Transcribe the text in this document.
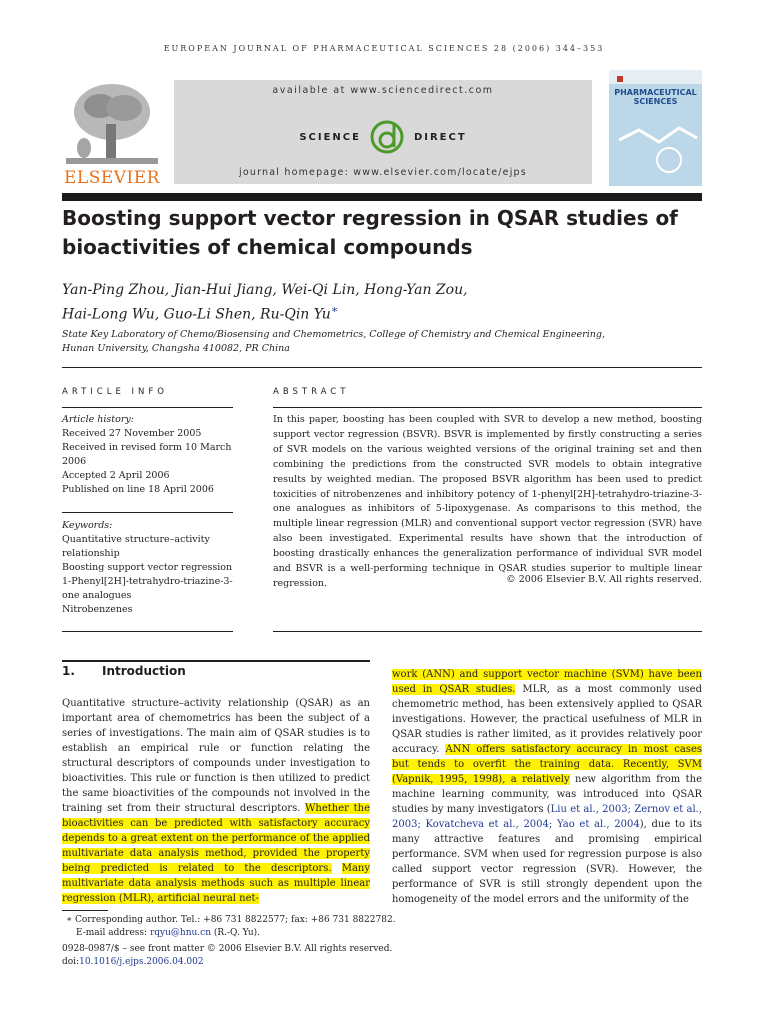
EUROPEAN JOURNAL OF PHARMACEUTICAL SCIENCES 28 (2006) 344–353
ELSEVIER
available at www.sciencedirect.com
SCIENCE	DIRECT
journal homepage: www.elsevier.com/locate/ejps
PHARMACEUTICAL SCIENCES
Boosting support vector regression in QSAR studies of
bioactivities of chemical compounds
Yan-Ping Zhou, Jian-Hui Jiang, Wei-Qi Lin, Hong-Yan Zou,
Hai-Long Wu, Guo-Li Shen, Ru-Qin Yu∗
State Key Laboratory of Chemo/Biosensing and Chemometrics, College of Chemistry and Chemical Engineering,
Hunan University, Changsha 410082, PR China
ARTICLE INFO
Article history:
Received 27 November 2005
Received in revised form 10 March
2006
Accepted 2 April 2006
Published on line 18 April 2006
Keywords:
Quantitative structure–activity
relationship
Boosting support vector regression
1-Phenyl[2H]-tetrahydro-triazine-3-
one analogues
Nitrobenzenes
ABSTRACT
In this paper, boosting has been coupled with SVR to develop a new method, boosting support vector regression (BSVR). BSVR is implemented by firstly constructing a series of SVR models on the various weighted versions of the original training set and then combining the predictions from the constructed SVR models to obtain integrative results by weighted median. The proposed BSVR algorithm has been used to predict toxicities of nitrobenzenes and inhibitory potency of 1-phenyl[2H]-tetrahydro-triazine-3-one analogues as inhibitors of 5-lipoxygenase. As comparisons to this method, the multiple linear regression (MLR) and conventional support vector regression (SVR) have also been investigated. Experimental results have shown that the introduction of boosting drastically enhances the generalization performance of individual SVR model and BSVR is a well-performing technique in QSAR studies superior to multiple linear regression.	© 2006 Elsevier B.V. All rights reserved.
1. Introduction
Quantitative structure–activity relationship (QSAR) as an important area of chemometrics has been the subject of a series of investigations. The main aim of QSAR studies is to establish an empirical rule or function relating the structural descriptors of compounds under investigation to bioactivities. This rule or function is then utilized to predict the same bioactivities of the compounds not involved in the training set from their structural descriptors. Whether the bioactivities can be predicted with satisfactory accuracy depends to a great extent on the performance of the applied multivariate data analysis method, provided the property being predicted is related to the descriptors. Many multivariate data analysis methods such as multiple linear regression (MLR), artificial neural net-
work (ANN) and support vector machine (SVM) have been used in QSAR studies. MLR, as a most commonly used chemometric method, has been extensively applied to QSAR investigations. However, the practical usefulness of MLR in QSAR studies is rather limited, as it provides relatively poor accuracy. ANN offers satisfactory accuracy in most cases but tends to overfit the training data. Recently, SVM (Vapnik, 1995, 1998), a relatively new algorithm from the machine learning community, was introduced into QSAR studies by many investigators (Liu et al., 2003; Zernov et al., 2003; Kovatcheva et al., 2004; Yao et al., 2004), due to its many attractive features and promising empirical performance. SVM when used for regression purpose is also called support vector regression (SVR). However, the performance of SVR is still strongly dependent upon the homogeneity of the model errors and the uniformity of the
∗ Corresponding author. Tel.: +86 731 8822577; fax: +86 731 8822782.
E-mail address: rqyu@hnu.cn (R.-Q. Yu).
0928-0987/$ – see front matter © 2006 Elsevier B.V. All rights reserved.
doi:10.1016/j.ejps.2006.04.002
